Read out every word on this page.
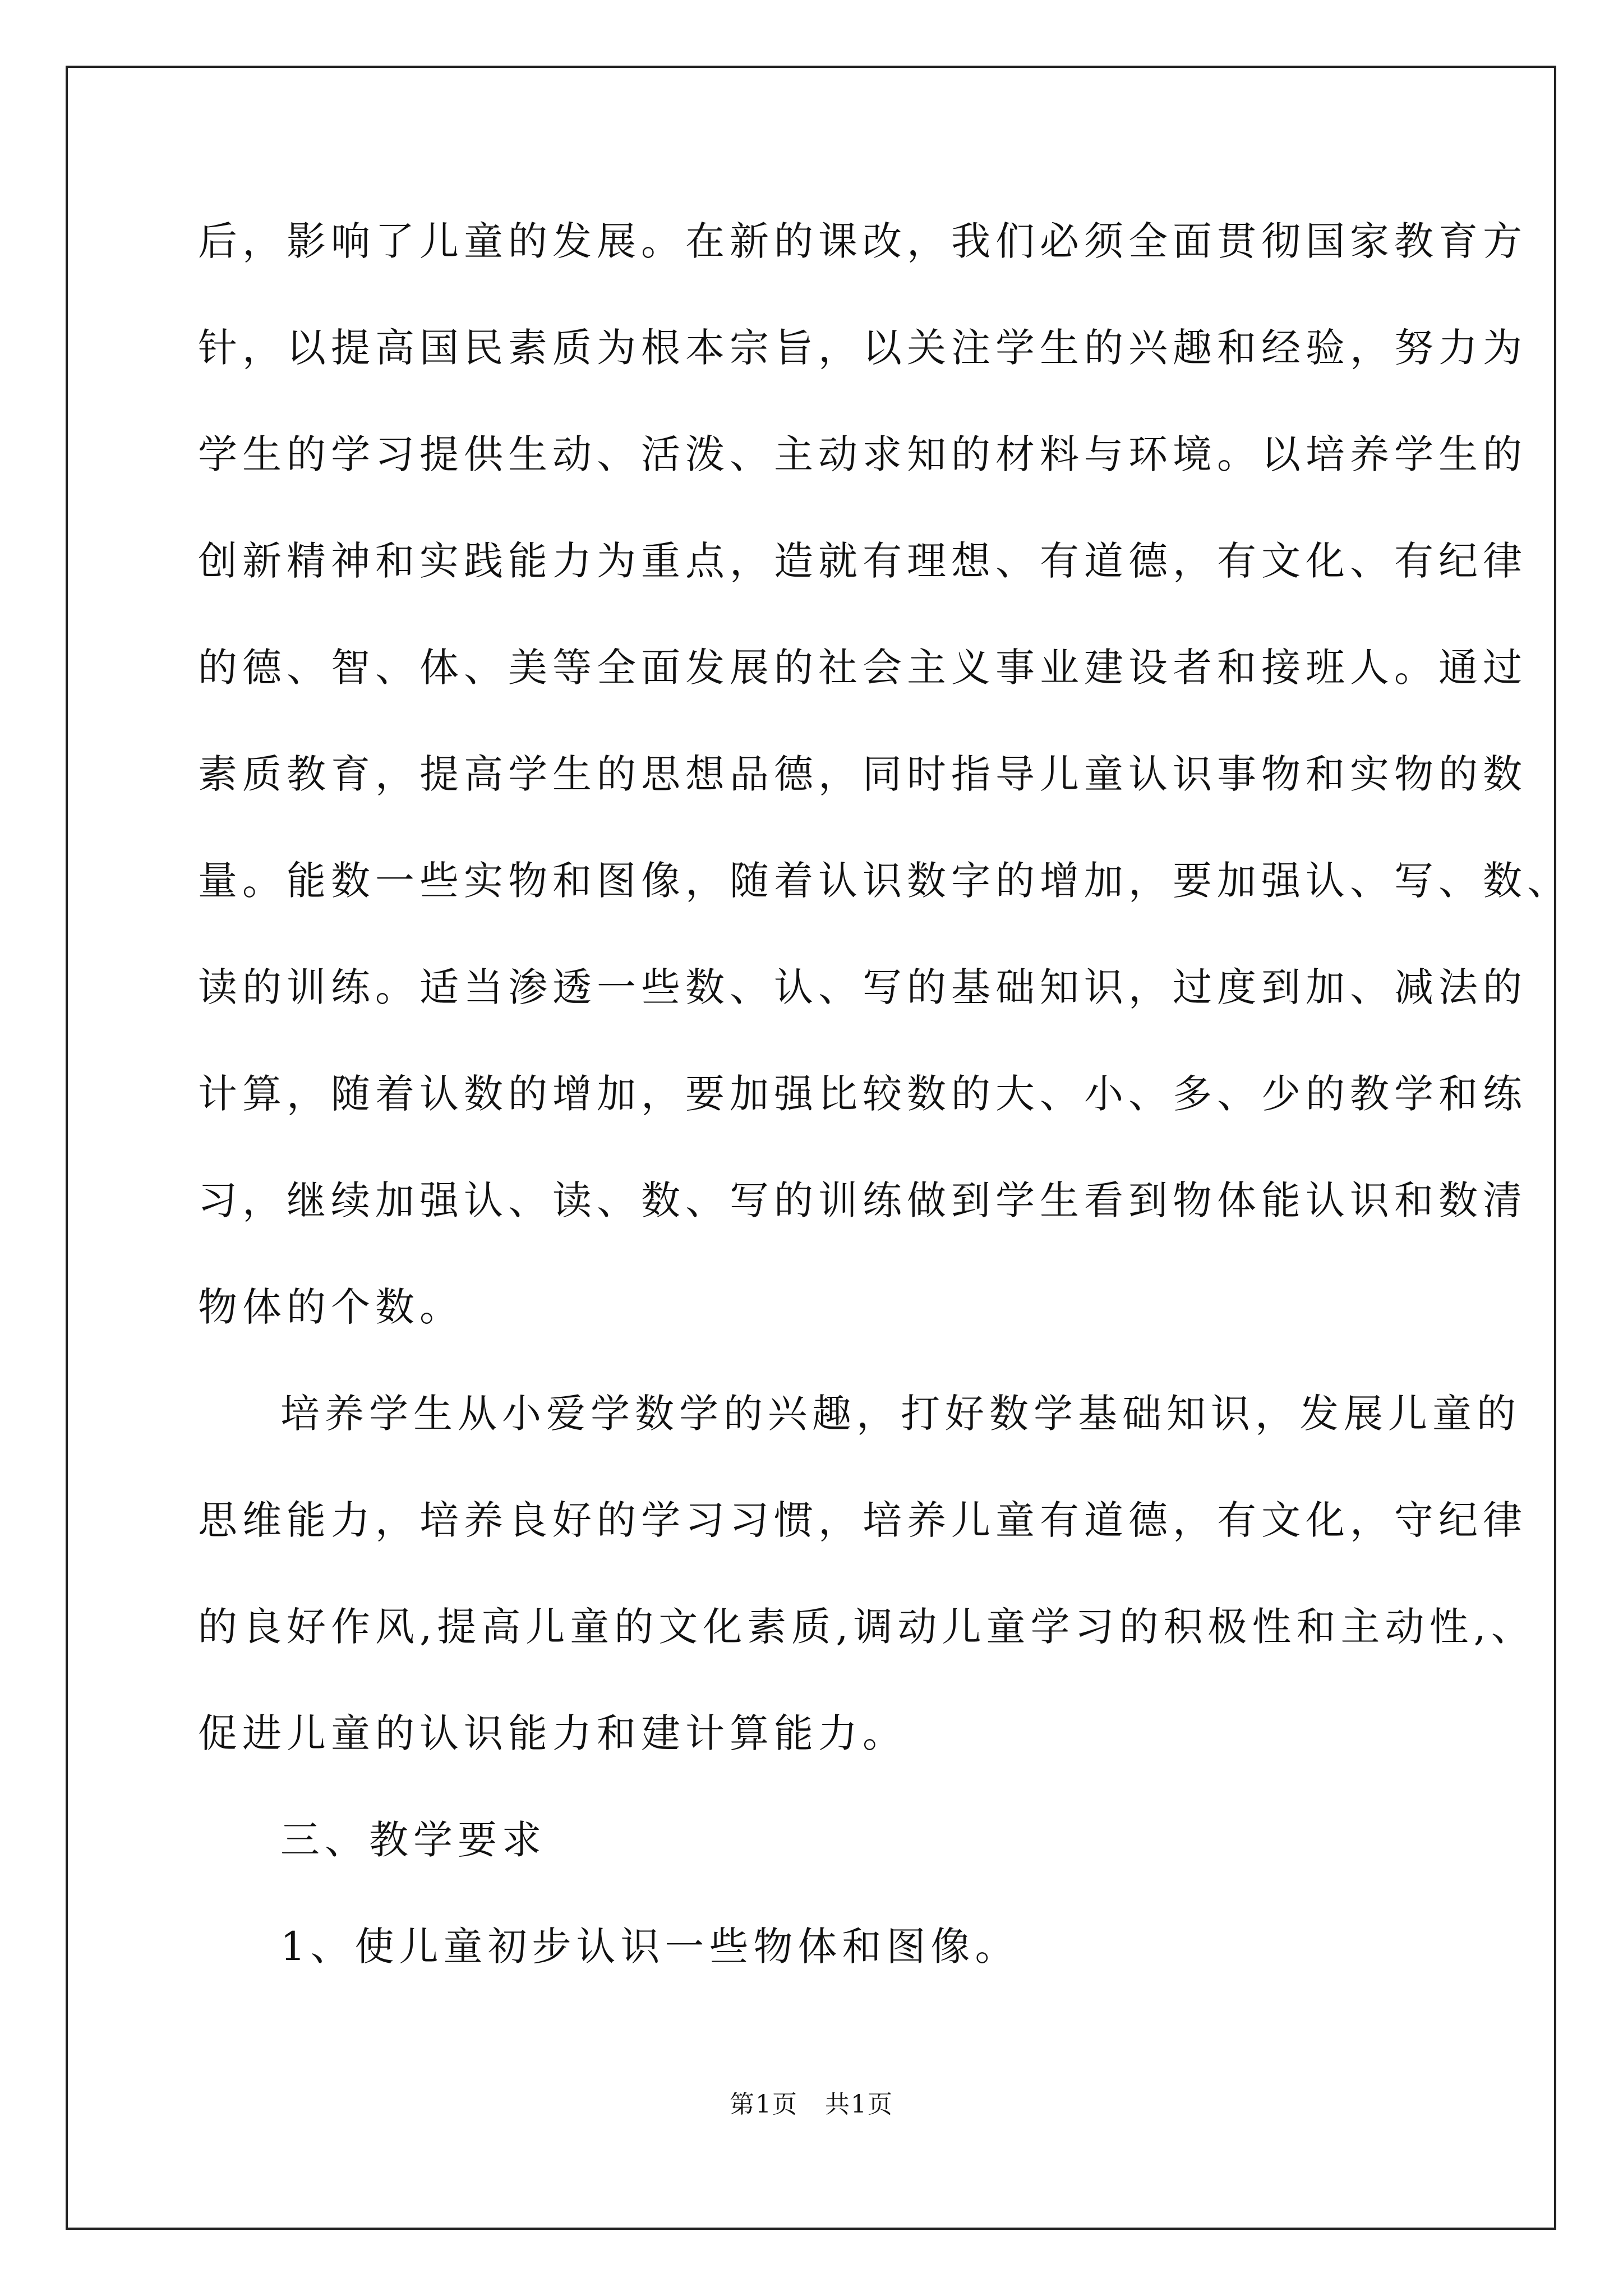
后，影响了儿童的发展。在新的课改，我们必须全面贯彻国家教育方
针，以提高国民素质为根本宗旨，以关注学生的兴趣和经验，努力为
学生的学习提供生动、活泼、主动求知的材料与环境。以培养学生的
创新精神和实践能力为重点，造就有理想、有道德，有文化、有纪律
的德、智、体、美等全面发展的社会主义事业建设者和接班人。通过
素质教育，提高学生的思想品德，同时指导儿童认识事物和实物的数
量。能数一些实物和图像，随着认识数字的增加，要加强认、写、数、
读的训练。适当渗透一些数、认、写的基础知识，过度到加、减法的
计算，随着认数的增加，要加强比较数的大、小、多、少的教学和练
习，继续加强认、读、数、写的训练做到学生看到物体能认识和数清
物体的个数。
培养学生从小爱学数学的兴趣，打好数学基础知识，发展儿童的
思维能力，培养良好的学习习惯，培养儿童有道德，有文化，守纪律
的良好作风,提高儿童的文化素质,调动儿童学习的积极性和主动性,、
促进儿童的认识能力和建计算能力。
三、教学要求
1、使儿童初步认识一些物体和图像。
第1页   共1页
